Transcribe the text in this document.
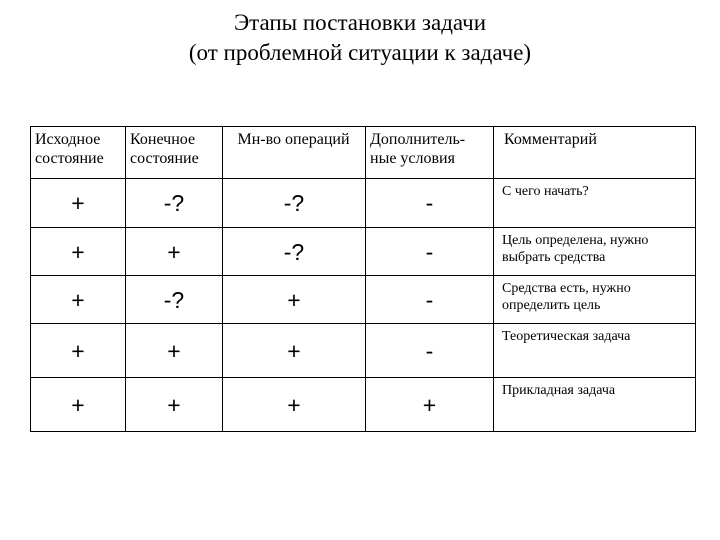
Этапы постановки задачи
(от проблемной ситуации к задаче)
Исходное состояние	Конечное состояние	Мн-во операций	Дополнитель-ные условия	Комментарий
+	-?	-?	-	С чего начать?
+	+	-?	-	Цель определена, нужно выбрать средства
+	-?	+	-	Средства есть, нужно определить цель
+	+	+	-	Теоретическая задача
+	+	+	+	Прикладная задача
